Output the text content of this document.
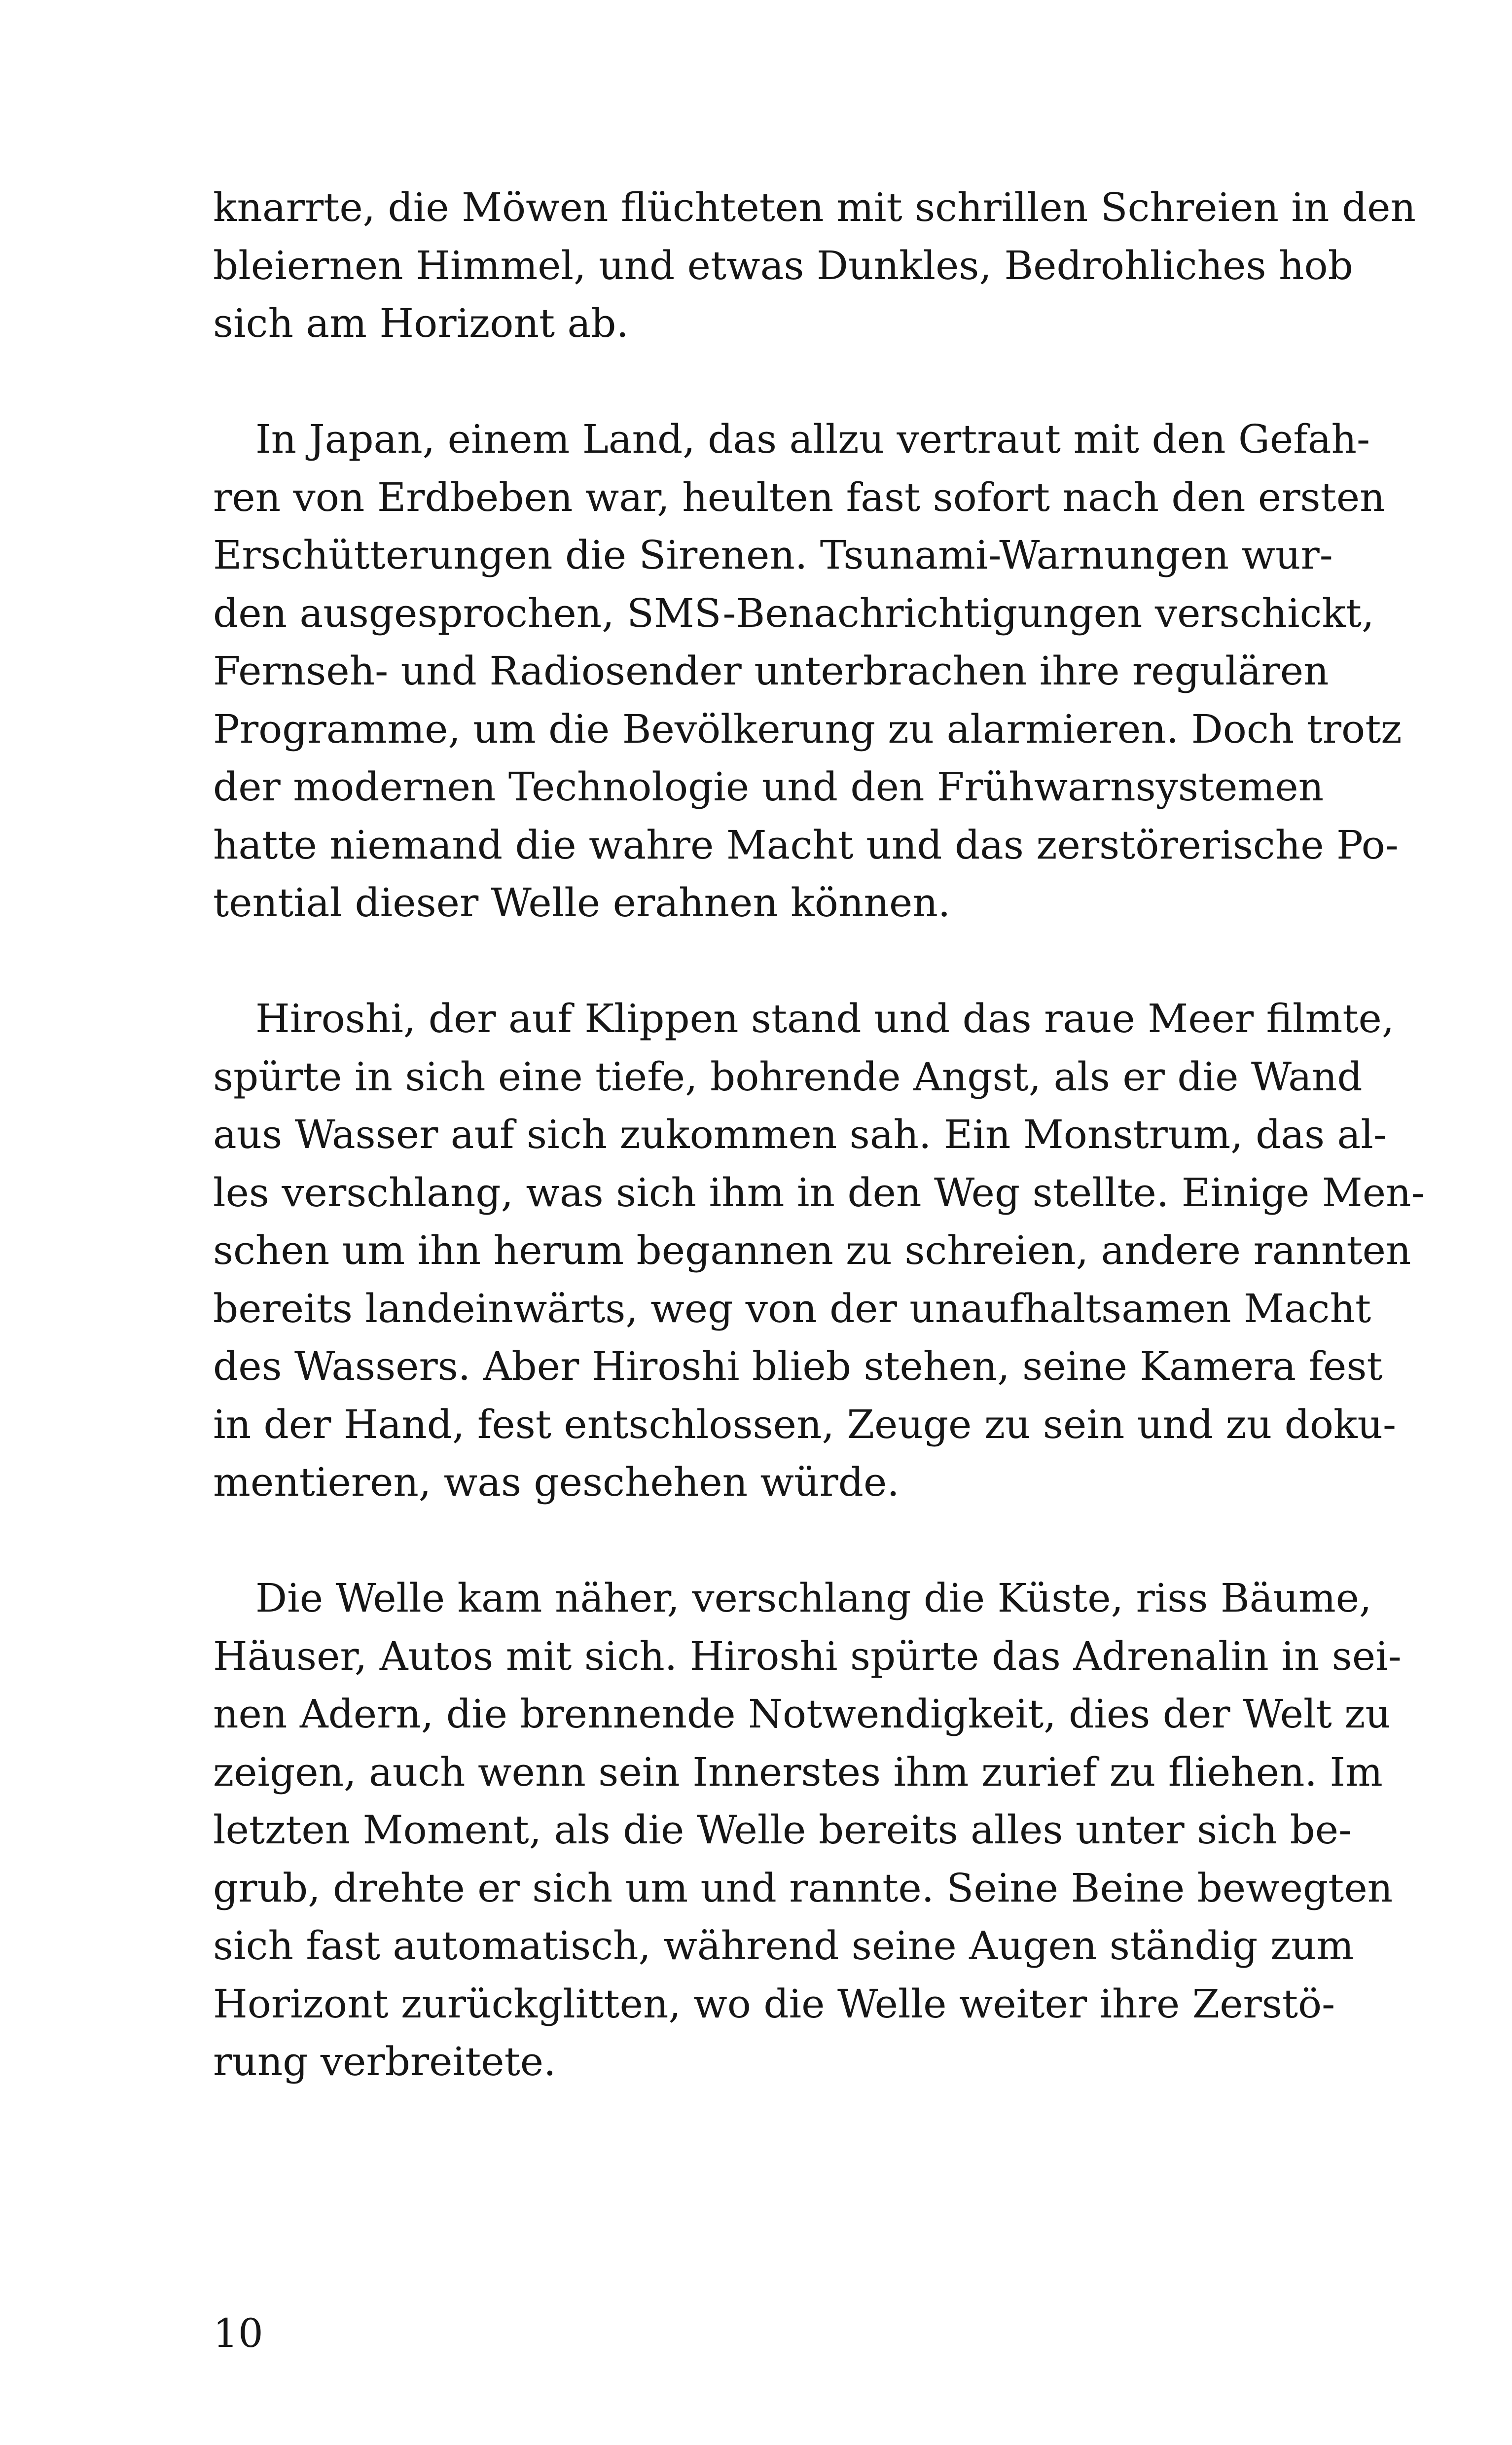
knarrte, die Möwen flüchteten mit schrillen Schreien in den
bleiernen Himmel, und etwas Dunkles, Bedrohliches hob
sich am Horizont ab.

In Japan, einem Land, das allzu vertraut mit den Gefah-
ren von Erdbeben war, heulten fast sofort nach den ersten
Erschütterungen die Sirenen. Tsunami-Warnungen wur-
den ausgesprochen, SMS-Benachrichtigungen verschickt,
Fernseh- und Radiosender unterbrachen ihre regulären
Programme, um die Bevölkerung zu alarmieren. Doch trotz
der modernen Technologie und den Frühwarnsystemen
hatte niemand die wahre Macht und das zerstörerische Po-
tential dieser Welle erahnen können.

Hiroshi, der auf Klippen stand und das raue Meer filmte,
spürte in sich eine tiefe, bohrende Angst, als er die Wand
aus Wasser auf sich zukommen sah. Ein Monstrum, das al-
les verschlang, was sich ihm in den Weg stellte. Einige Men-
schen um ihn herum begannen zu schreien, andere rannten
bereits landeinwärts, weg von der unaufhaltsamen Macht
des Wassers. Aber Hiroshi blieb stehen, seine Kamera fest
in der Hand, fest entschlossen, Zeuge zu sein und zu doku-
mentieren, was geschehen würde.

Die Welle kam näher, verschlang die Küste, riss Bäume,
Häuser, Autos mit sich. Hiroshi spürte das Adrenalin in sei-
nen Adern, die brennende Notwendigkeit, dies der Welt zu
zeigen, auch wenn sein Innerstes ihm zurief zu fliehen. Im
letzten Moment, als die Welle bereits alles unter sich be-
grub, drehte er sich um und rannte. Seine Beine bewegten
sich fast automatisch, während seine Augen ständig zum
Horizont zurückglitten, wo die Welle weiter ihre Zerstö-
rung verbreitete.

10
